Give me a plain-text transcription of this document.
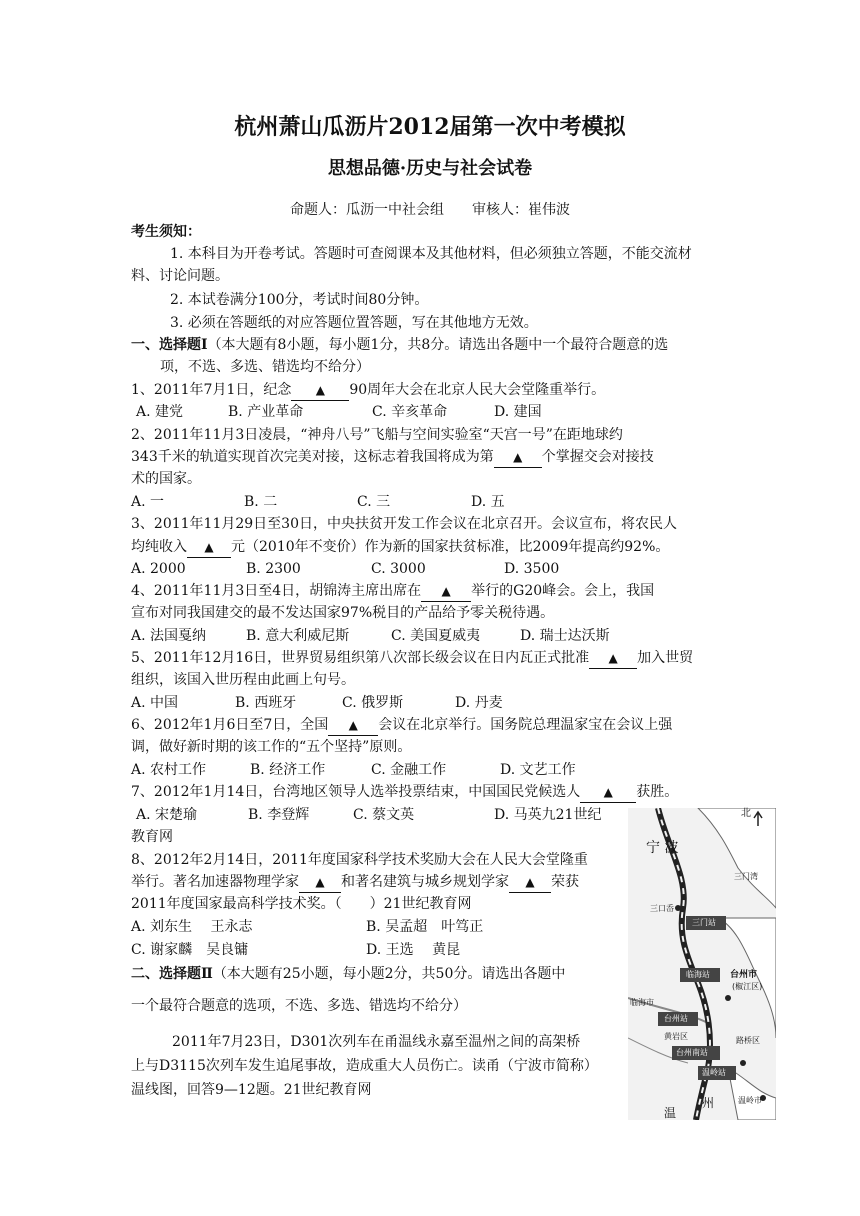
杭州萧山瓜沥片2012届第一次中考模拟
思想品德·历史与社会试卷
命题人：瓜沥一中社会组　　审核人：崔伟波
考生须知：
1. 本科目为开卷考试。答题时可查阅课本及其他材料，但必须独立答题，不能交流材
料、讨论问题。
2. 本试卷满分100分，考试时间80分钟。
3. 必须在答题纸的对应答题位置答题，写在其他地方无效。
一、选择题Ⅰ（本大题有8小题，每小题1分，共8分。请选出各题中一个最符合题意的选
项，不选、多选、错选均不给分）
1、2011年7月1日，纪念 ▲ 90周年大会在北京人民大会堂隆重举行。
A. 建党	B. 产业革命	C. 辛亥革命	D. 建国
2、2011年11月3日凌晨，“神舟八号”飞船与空间实验室“天宫一号”在距地球约
343千米的轨道实现首次完美对接，这标志着我国将成为第 ▲ 个掌握交会对接技
术的国家。
A. 一	B. 二	C. 三	D. 五
3、2011年11月29日至30日，中央扶贫开发工作会议在北京召开。会议宣布，将农民人
均纯收入 ▲ 元（2010年不变价）作为新的国家扶贫标准，比2009年提高约92%。
A. 2000	B. 2300	C. 3000	D. 3500
4、2011年11月3日至4日，胡锦涛主席出席在 ▲ 举行的G20峰会。会上，我国
宣布对同我国建交的最不发达国家97%税目的产品给予零关税待遇。
A. 法国戛纳	B. 意大利威尼斯	C. 美国夏威夷	D. 瑞士达沃斯
5、2011年12月16日，世界贸易组织第八次部长级会议在日内瓦正式批准 ▲ 加入世贸
组织，该国入世历程由此画上句号。
A. 中国	B. 西班牙	C. 俄罗斯	D. 丹麦
6、2012年1月6日至7日，全国 ▲ 会议在北京举行。国务院总理温家宝在会议上强
调，做好新时期的该工作的“五个坚持”原则。
A. 农村工作	B. 经济工作	C. 金融工作	D. 文艺工作
7、2012年1月14日，台湾地区领导人选举投票结束，中国国民党候选人 ▲ 获胜。
A. 宋楚瑜	B. 李登辉	C. 蔡文英	D. 马英九21世纪
教育网
8、2012年2月14日，2011年度国家科学技术奖励大会在人民大会堂隆重
举行。著名加速器物理学家 ▲ 和著名建筑与城乡规划学家 ▲ 荣获
2011年度国家最高科学技术奖。（　　）21世纪教育网
A. 刘东生　 王永志	B. 吴孟超　叶笃正
C. 谢家麟　吴良镛	D. 王选　 黄昆
二、选择题Ⅱ（本大题有25小题，每小题2分，共50分。请选出各题中
一个最符合题意的选项，不选、多选、错选均不给分）
2011年7月23日，D301次列车在甬温线永嘉至温州之间的高架桥
上与D3115次列车发生追尾事故，造成重大人员伤亡。读甬（宁波市简称）
温线图，回答9—12题。21世纪教育网
北
宁 波
三门湾
三口岙
三门站
临海站 台州市
(椒江区)
临海市
台州站
黄岩区	路桥区
台州南站
温岭站
温岭市
温
州
